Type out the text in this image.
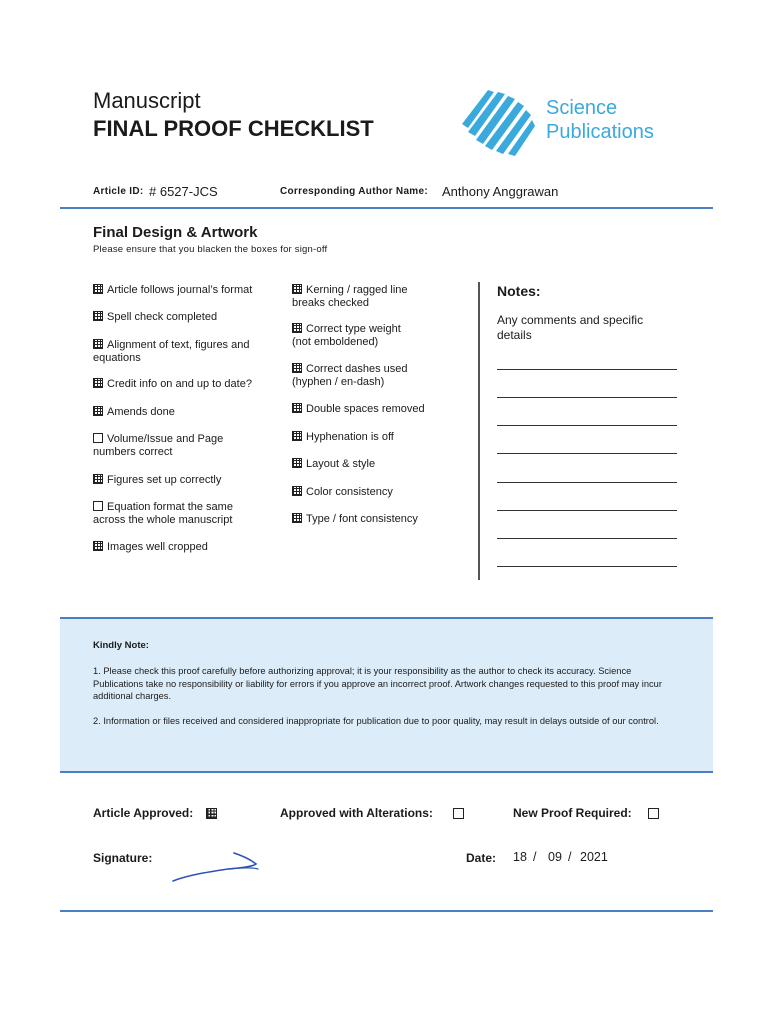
Manuscript
FINAL PROOF CHECKLIST
Science
Publications
Article ID: # 6527-JCS	Corresponding Author Name: Anthony Anggrawan
Final Design & Artwork
Please ensure that you blacken the boxes for sign-off
Article follows journal’s format
Spell check completed
Alignment of text, figures and equations
Credit info on and up to date?
Amends done
Volume/Issue and Page numbers correct
Figures set up correctly
Equation format the same across the whole manuscript
Images well cropped
Kerning / ragged line breaks checked
Correct type weight (not emboldened)
Correct dashes used (hyphen / en-dash)
Double spaces removed
Hyphenation is off
Layout & style
Color consistency
Type / font consistency
Notes:
Any comments and specific details
Kindly Note:
1. Please check this proof carefully before authorizing approval; it is your responsibility as the author to check its accuracy. Science Publications take no responsibility or liability for errors if you approve an incorrect proof. Artwork changes requested to this proof may incur additional charges.
2. Information or files received and considered inappropriate for publication due to poor quality, may result in delays outside of our control.
Article Approved:	Approved with Alterations:	New Proof Required:
Signature:	Date: 18 / 09 / 2021
